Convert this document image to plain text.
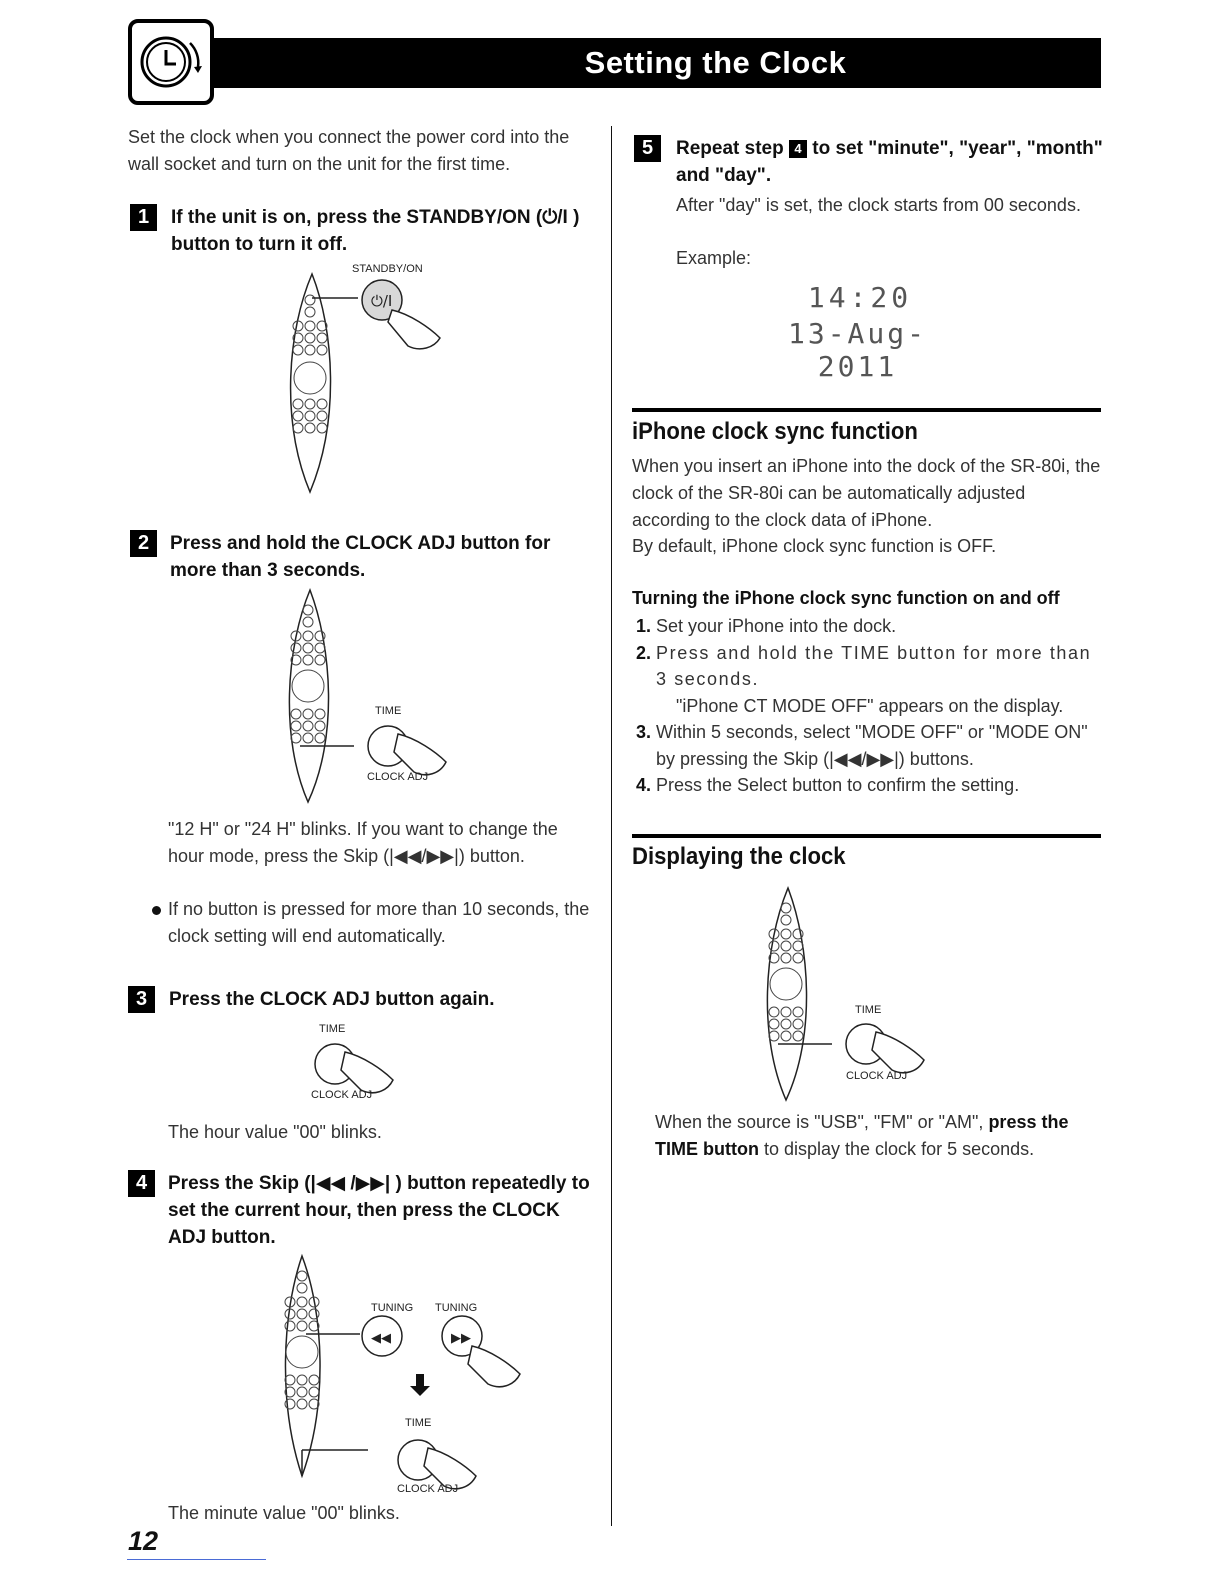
Setting the Clock

Set the clock when you connect the power cord into the wall socket and turn on the unit for the first time.

1	If the unit is on, press the STANDBY/ON (⏻/I ) button to turn it off.

STANDBY/ON
⏻/I
2	Press and hold the CLOCK ADJ button for more than 3 seconds.

TIME
CLOCK ADJ

"12 H" or "24 H" blinks. If you want to change the hour mode, press the Skip (|◀◀/▶▶|) button.

If no button is pressed for more than 10 seconds, the clock setting will end automatically.

3	Press the CLOCK ADJ button again.

TIME
CLOCK ADJ

The hour value "00" blinks.

4	Press the Skip (|◀◀ /▶▶| ) button repeatedly to set the current hour, then press the CLOCK ADJ button.

◀◀	▶▶
TUNING TUNING
TIME
CLOCK ADJ

The minute value "00" blinks.

5	Repeat step 4 to set "minute", "year", "month" and "day".

After "day" is set, the clock starts from 00 seconds.

Example:

14:20
13-Aug-2011
iPhone clock sync function

When you insert an iPhone into the dock of the SR-80i, the clock of the SR-80i can be automatically adjusted according to the clock data of iPhone.

By default, iPhone clock sync function is OFF.

Turning the iPhone clock sync function on and off
1. Set your iPhone into the dock.
2. Press and hold the TIME button for more than 3 seconds.
"iPhone CT MODE OFF" appears on the display.
3. Within 5 seconds, select "MODE OFF" or "MODE ON" by pressing the Skip (|◀◀/▶▶|) buttons.
4. Press the Select button to confirm the setting.
Displaying the clock
TIME
CLOCK ADJ

When the source is "USB", "FM" or "AM", press the TIME button to display the clock for 5 seconds.

12
